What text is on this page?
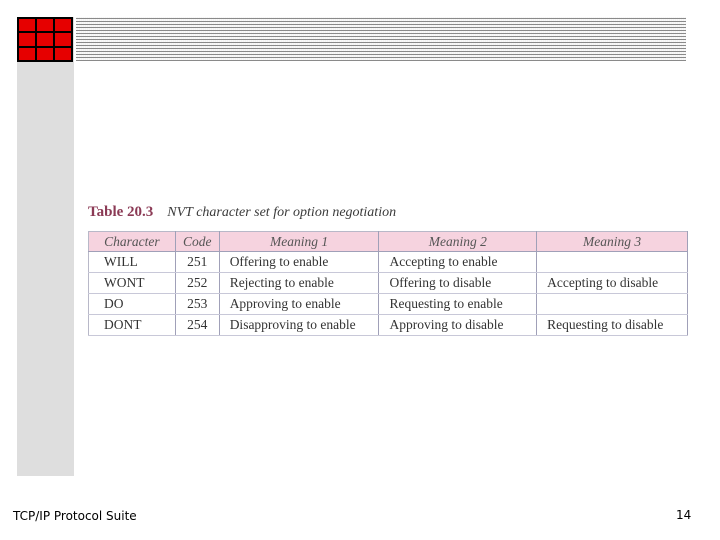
Table 20.3 NVT character set for option negotiation

Character	Code	Meaning 1	Meaning 2	Meaning 3
WILL	251	Offering to enable	Accepting to enable	
WONT	252	Rejecting to enable	Offering to disable	Accepting to disable
DO	253	Approving to enable	Requesting to enable	
DONT	254	Disapproving to enable	Approving to disable	Requesting to disable
TCP/IP Protocol Suite	14
